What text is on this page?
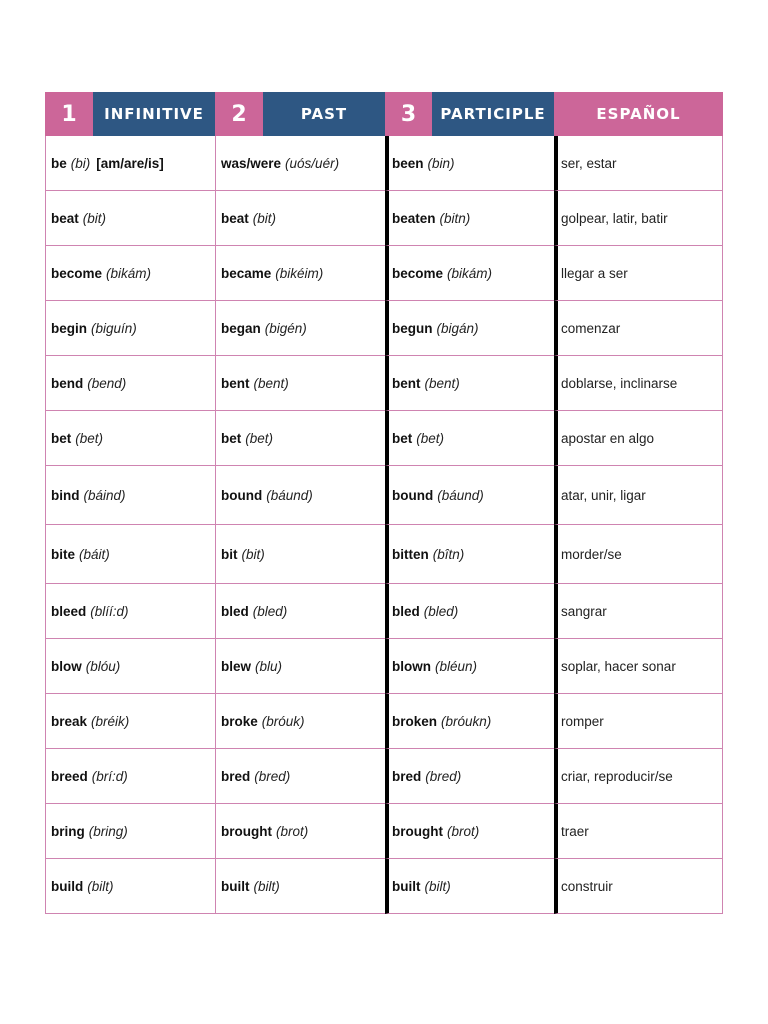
1	INFINITIVE	2	PAST	3	PARTICIPLE	ESPAÑOL
be (bi) [am/are/is]	was/were (uós/uér)	been (bin)	ser, estar
beat (bit)	beat (bit)	beaten (bitn)	golpear, latir, batir
become (bikám)	became (bikéim)	become (bikám)	llegar a ser
begin (biguín)	began (bigén)	begun (bigán)	comenzar
bend (bend)	bent (bent)	bent (bent)	doblarse, inclinarse
bet (bet)	bet (bet)	bet (bet)	apostar en algo
bind (báind)	bound (báund)	bound (báund)	atar, unir, ligar
bite (báit)	bit (bit)	bitten (bîtn)	morder/se
bleed (blíí:d)	bled (bled)	bled (bled)	sangrar
blow (blóu)	blew (blu)	blown (bléun)	soplar, hacer sonar
break (bréik)	broke (bróuk)	broken (bróukn)	romper
breed (brí:d)	bred (bred)	bred (bred)	criar, reproducir/se
bring (bring)	brought (brot)	brought (brot)	traer
build (bilt)	built (bilt)	built (bilt)	construir
